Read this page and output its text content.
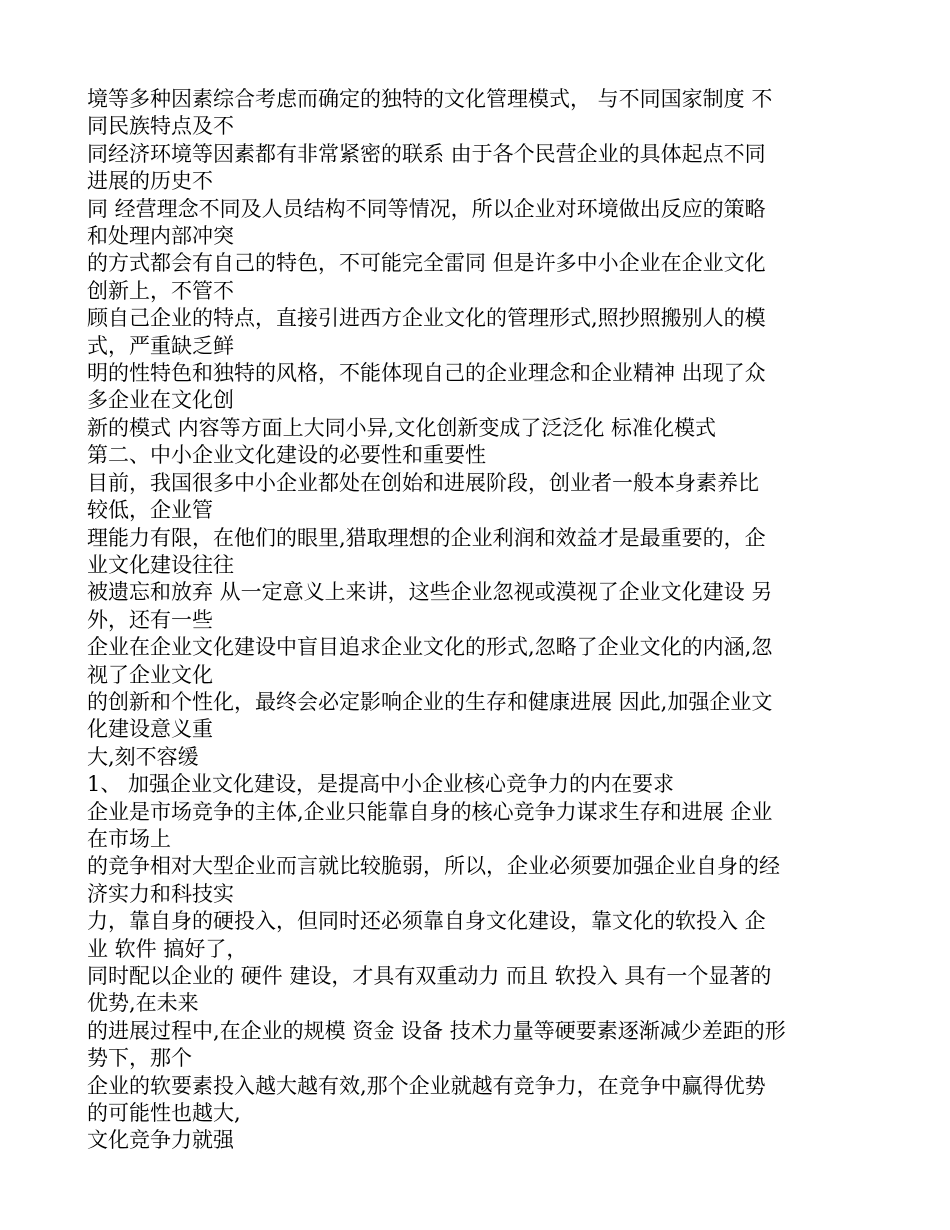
境等多种因素综合考虑而确定的独特的文化管理模式， 与不同国家制度 不
同民族特点及不
同经济环境等因素都有非常紧密的联系 由于各个民营企业的具体起点不同
进展的历史不
同 经营理念不同及人员结构不同等情况，所以企业对环境做出反应的策略
和处理内部冲突
的方式都会有自己的特色，不可能完全雷同 但是许多中小企业在企业文化
创新上，不管不
顾自己企业的特点，直接引进西方企业文化的管理形式,照抄照搬别人的模
式，严重缺乏鲜
明的性特色和独特的风格，不能体现自己的企业理念和企业精神 出现了众
多企业在文化创
新的模式 内容等方面上大同小异,文化创新变成了泛泛化 标准化模式
第二、中小企业文化建设的必要性和重要性
目前，我国很多中小企业都处在创始和进展阶段，创业者一般本身素养比
较低，企业管
理能力有限，在他们的眼里,猎取理想的企业利润和效益才是最重要的，企
业文化建设往往
被遗忘和放弃 从一定意义上来讲，这些企业忽视或漠视了企业文化建设 另
外，还有一些
企业在企业文化建设中盲目追求企业文化的形式,忽略了企业文化的内涵,忽
视了企业文化
的创新和个性化，最终会必定影响企业的生存和健康进展 因此,加强企业文
化建设意义重
大,刻不容缓
1、 加强企业文化建设，是提高中小企业核心竞争力的内在要求
企业是市场竞争的主体,企业只能靠自身的核心竞争力谋求生存和进展 企业
在市场上
的竞争相对大型企业而言就比较脆弱，所以，企业必须要加强企业自身的经
济实力和科技实
力，靠自身的硬投入，但同时还必须靠自身文化建设，靠文化的软投入 企
业 软件 搞好了，
同时配以企业的 硬件 建设，才具有双重动力 而且 软投入 具有一个显著的
优势,在未来
的进展过程中,在企业的规模 资金 设备 技术力量等硬要素逐渐减少差距的形
势下，那个
企业的软要素投入越大越有效,那个企业就越有竞争力，在竞争中赢得优势
的可能性也越大,
文化竞争力就强
